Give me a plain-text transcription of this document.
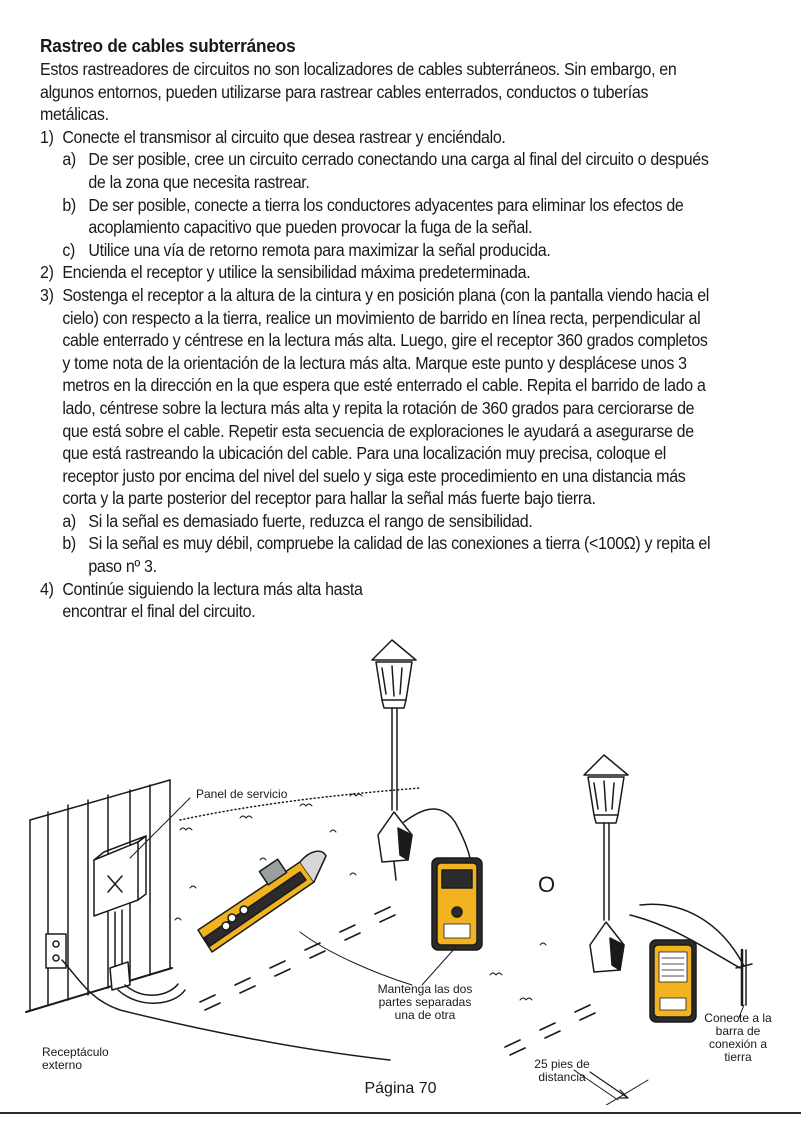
Rastreo de cables subterráneos

Estos rastreadores de circuitos no son localizadores de cables subterráneos. Sin embargo, en algunos entornos, pueden utilizarse para rastrear cables enterrados, conductos o tuberías metálicas.

1) Conecte el transmisor al circuito que desea rastrear y enciéndalo.
a) De ser posible, cree un circuito cerrado conectando una carga al final del circuito o después de la zona que necesita rastrear.
b) De ser posible, conecte a tierra los conductores adyacentes para eliminar los efectos de acoplamiento capacitivo que pueden provocar la fuga de la señal.
c) Utilice una vía de retorno remota para maximizar la señal producida.
2) Encienda el receptor y utilice la sensibilidad máxima predeterminada.
3) Sostenga el receptor a la altura de la cintura y en posición plana (con la pantalla viendo hacia el cielo) con respecto a la tierra, realice un movimiento de barrido en línea recta, perpendicular al cable enterrado y céntrese en la lectura más alta. Luego, gire el receptor 360 grados completos y tome nota de la orientación de la lectura más alta. Marque este punto y desplácese unos 3 metros en la dirección en la que espera que esté enterrado el cable. Repita el barrido de lado a lado, céntrese sobre la lectura más alta y repita la rotación de 360 grados para cerciorarse de que está sobre el cable. Repetir esta secuencia de exploraciones le ayudará a asegurarse de que está rastreando la ubicación del cable. Para una localización muy precisa, coloque el receptor justo por encima del nivel del suelo y siga este procedimiento en una distancia más corta y la parte posterior del receptor para hallar la señal más fuerte bajo tierra.
a) Si la señal es demasiado fuerte, reduzca el rango de sensibilidad.
b) Si la señal es muy débil, compruebe la calidad de las conexiones a tierra (<100Ω) y repita el paso nº 3.
4) Continúe siguiendo la lectura más alta hasta encontrar el final del circuito.
Panel de servicio
Mantenga las dos partes separadas una de otra
O
Conecte a la barra de conexión a tierra
Receptáculo externo	25 pies de distancia
Página 70
